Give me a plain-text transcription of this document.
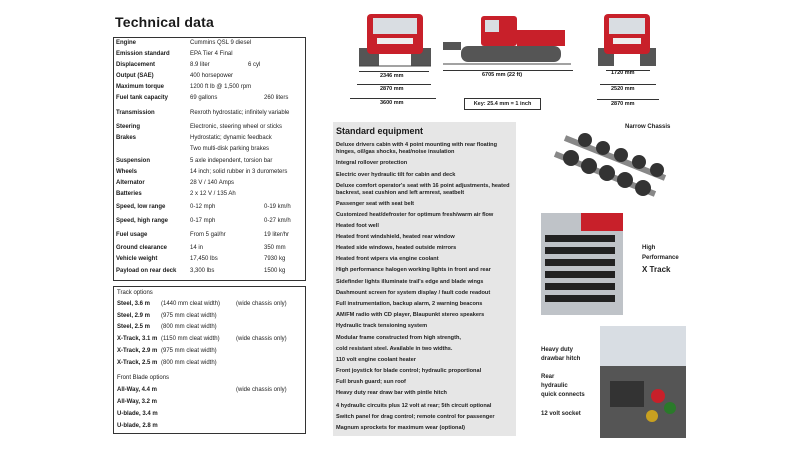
Technical data
Engine	Cummins QSL 9 diesel
Emission standard	EPA Tier 4 Final
Displacement	8.9 liter	6 cyl
Output (SAE)	400 horsepower
Maximum torque	1200 ft lb @ 1,500 rpm
Fuel tank capacity	69 gallons	260 liters
Transmission	Rexroth hydrostatic; infinitely variable
Steering	Electronic, steering wheel or sticks
Brakes	Hydrostatic; dynamic feedback
Two multi-disk parking brakes
Suspension	5 axle independent, torsion bar
Wheels	14 inch; solid rubber in 3 durometers
Alternator	28 V / 140 Amps
Batteries	2 x 12 V / 135 Ah
Speed, low range	0-12 mph	0-19 km/h
Speed, high range	0-17 mph	0-27 km/h
Fuel usage	From 5 gal/hr	19 liter/hr
Ground clearance	14 in	350 mm
Vehicle weight	17,450 lbs	7930 kg
Payload on rear deck 3,300 lbs	1500 kg
Track options
Steel, 3.6 m (1440 mm cleat width)	(wide chassis only)
Steel, 2.9 m (975 mm cleat width)
Steel, 2.5 m (800 mm cleat width)
X-Track, 3.1 m (1150 mm cleat width)	(wide chassis only)
X-Track, 2.9 m (975 mm cleat width)
X-Track, 2.5 m (800 mm cleat width)
Front Blade options
All-Way, 4.4 m	(wide chassis only)
All-Way, 3.2 m
U-blade, 3.4 m
U-blade, 2.8 m
Standard equipment
Deluxe drivers cabin with 4 point mounting with rear floating hinges, oil/gas shocks, heat/noise insulation
Integral rollover protection
Electric over hydraulic tilt for cabin and deck
Deluxe comfort operator's seat with 16 point adjustments, heated backrest, seat cushion and left armrest, seatbelt
Passenger seat with seat belt
Customized heat/defroster for optimum fresh/warm air flow
Heated foot well
Heated front windshield, heated rear window
Heated side windows, heated outside mirrors
Heated front wipers via engine coolant
High performance halogen working lights in front and rear
Sidefinder lights illuminate trail's edge and blade wings
Dashmount screen for system display / fault code readout
Full instrumentation, backup alarm, 2 warning beacons
AM/FM radio with CD player, Blaupunkt stereo speakers
Hydraulic track tensioning system
Modular frame constructed from high strength,
cold resistant steel. Available in two widths.
110 volt engine coolant heater
Front joystick for blade control; hydraulic proportional
Full brush guard; sun roof
Heavy duty rear draw bar with pintle hitch
4 hydraulic circuits plus 12 volt at rear; 5th circuit optional
Switch panel for drag control; remote control for passenger
Magnum sprockets for maximum wear (optional)
2346 mm
2870 mm
3600 mm
6705 mm (22 ft)
Key: 25.4 mm = 1 inch
1720 mm
2520 mm
2870 mm
Narrow Chassis
High
Performance
X Track
Heavy duty
drawbar hitch
Rear
hydraulic
quick connects
12 volt socket
